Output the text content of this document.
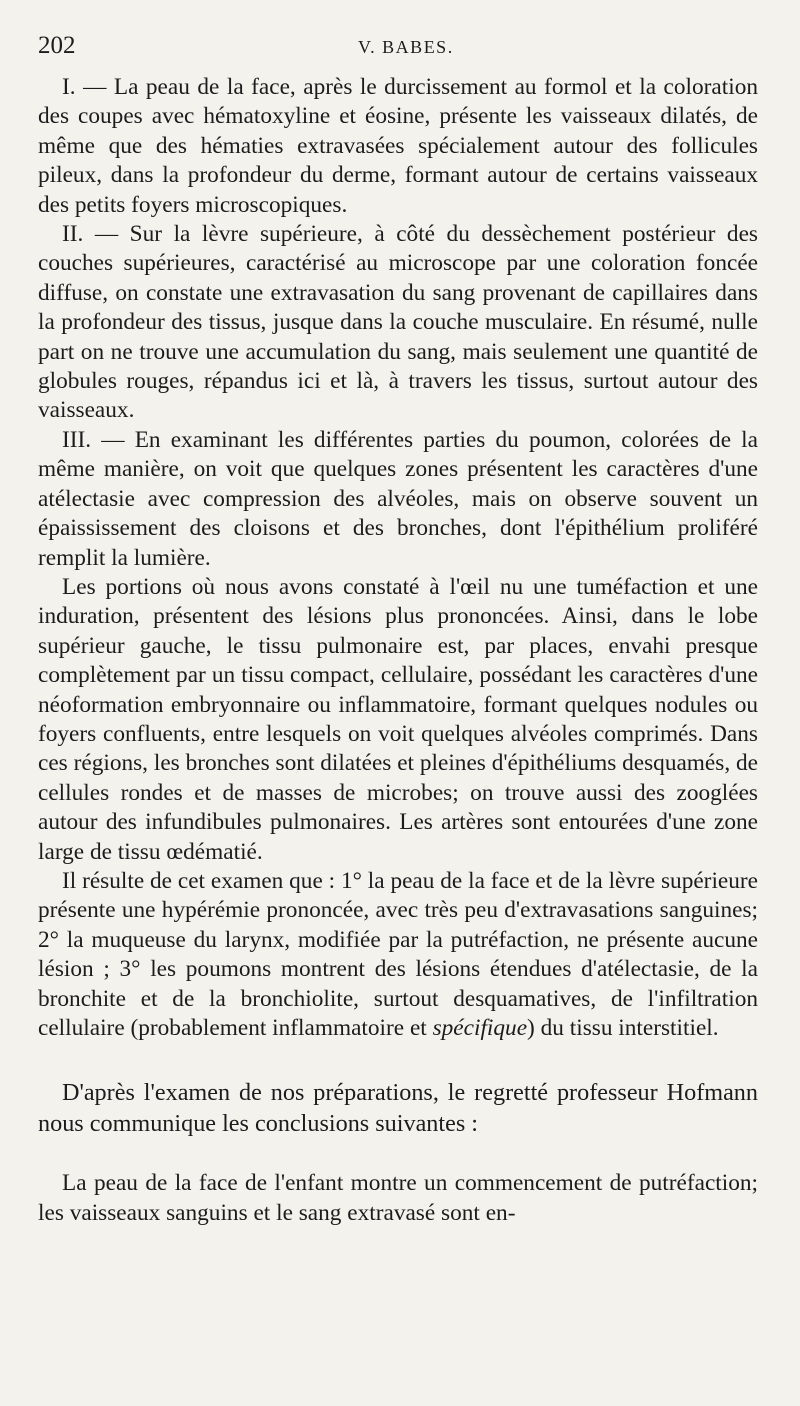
202	V. BABES.

I. — La peau de la face, après le durcissement au formol et la coloration des coupes avec hématoxyline et éosine, présente les vaisseaux dilatés, de même que des hématies extravasées spécialement autour des follicules pileux, dans la profondeur du derme, formant autour de certains vaisseaux des petits foyers microscopiques.

II. — Sur la lèvre supérieure, à côté du dessèchement postérieur des couches supérieures, caractérisé au microscope par une coloration foncée diffuse, on constate une extravasation du sang provenant de capillaires dans la profondeur des tissus, jusque dans la couche musculaire. En résumé, nulle part on ne trouve une accumulation du sang, mais seulement une quantité de globules rouges, répandus ici et là, à travers les tissus, surtout autour des vaisseaux.

III. — En examinant les différentes parties du poumon, colorées de la même manière, on voit que quelques zones présentent les caractères d'une atélectasie avec compression des alvéoles, mais on observe souvent un épaississement des cloisons et des bronches, dont l'épithélium proliféré remplit la lumière.

Les portions où nous avons constaté à l'œil nu une tuméfaction et une induration, présentent des lésions plus prononcées. Ainsi, dans le lobe supérieur gauche, le tissu pulmonaire est, par places, envahi presque complètement par un tissu compact, cellulaire, possédant les caractères d'une néoformation embryonnaire ou inflammatoire, formant quelques nodules ou foyers confluents, entre lesquels on voit quelques alvéoles comprimés. Dans ces régions, les bronches sont dilatées et pleines d'épithéliums desquamés, de cellules rondes et de masses de microbes; on trouve aussi des zooglées autour des infundibules pulmonaires. Les artères sont entourées d'une zone large de tissu œdématié.

Il résulte de cet examen que : 1° la peau de la face et de la lèvre supérieure présente une hypérémie prononcée, avec très peu d'extravasations sanguines; 2° la muqueuse du larynx, modifiée par la putréfaction, ne présente aucune lésion ; 3° les poumons montrent des lésions étendues d'atélectasie, de la bronchite et de la bronchiolite, surtout desquamatives, de l'infiltration cellulaire (probablement inflammatoire et spécifique) du tissu interstitiel.

D'après l'examen de nos préparations, le regretté professeur Hofmann nous communique les conclusions suivantes :

La peau de la face de l'enfant montre un commencement de putréfaction; les vaisseaux sanguins et le sang extravasé sont en-
